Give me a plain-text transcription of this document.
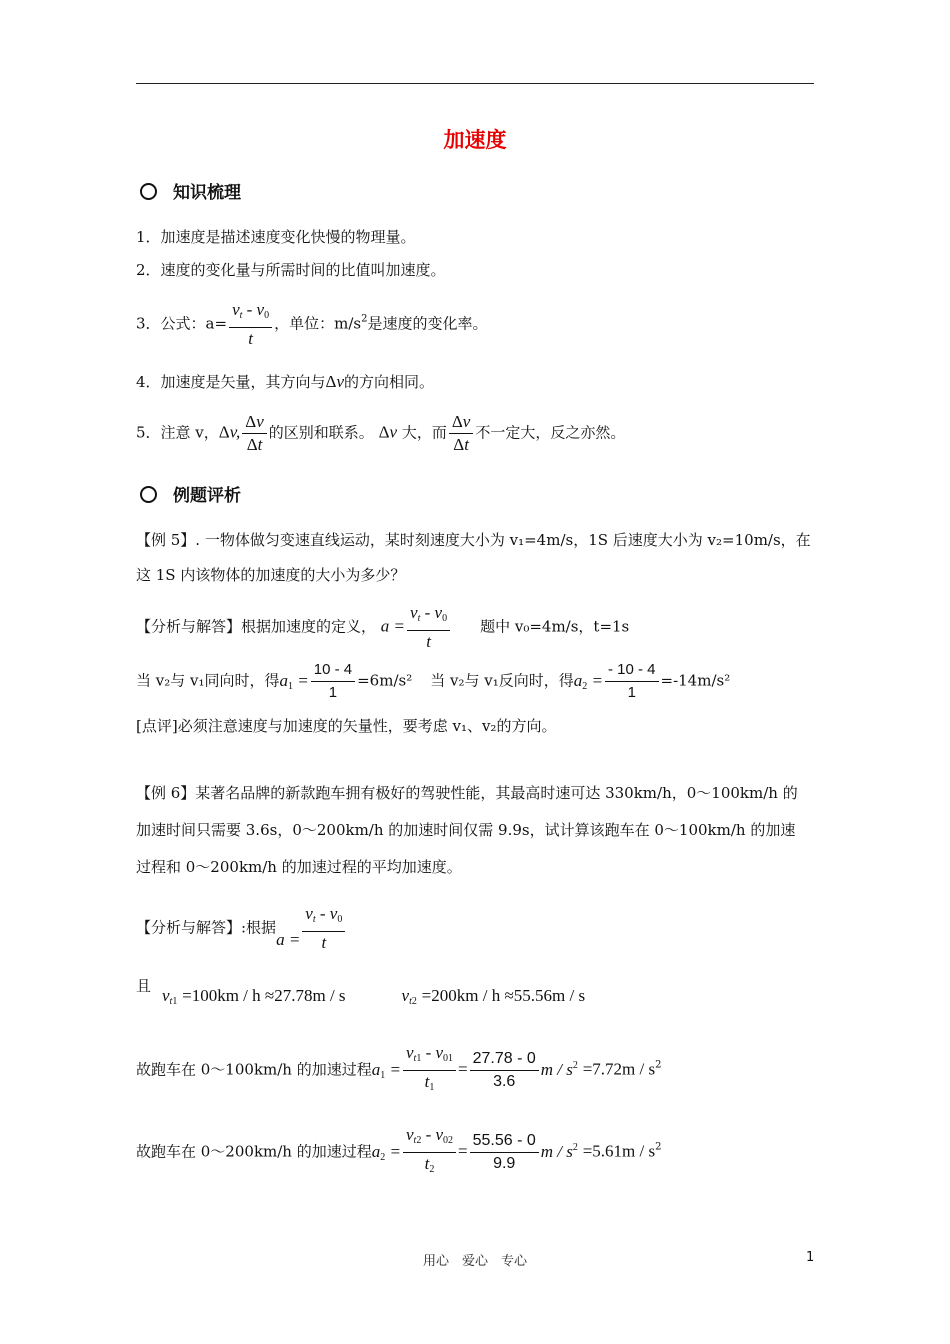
加速度
知识梳理
1．加速度是描述速度变化快慢的物理量。
2．速度的变化量与所需时间的比值叫加速度。
3．公式：$a= \frac{v_t - v_0}{t}$ ，单位：$m/s^2$是速度的变化率。
4．加速度是矢量，其方向与Δv的方向相同。
5．注意 v，Δv, $\frac{\Delta v}{\Delta t}$ 的区别和联系。 Δv 大，而 $\frac{\Delta v}{\Delta t}$ 不一定大，反之亦然。
例题评析
【例 5】. 一物体做匀变速直线运动，某时刻速度大小为 v₁=4m/s，1S 后速度大小为 v₂=10m/s，在
这 1S 内该物体的加速度的大小为多少？
【分析与解答】根据加速度的定义， $a = \frac{v_t - v_0}{t}$ 题中 v₀=4m/s，t=1s
当 v₂与 v₁同向时，得$a_1 = \frac{10 - 4}{1} =6m/s^2$ 当 v₂与 v₁反向时，得$a_2 = \frac{- 10 - 4}{1} =-14m/s^2$
[点评]必须注意速度与加速度的矢量性，要考虑 v₁、v₂的方向。
【例 6】某著名品牌的新款跑车拥有极好的驾驶性能，其最高时速可达 330km/h，0～100km/h 的
加速时间只需要 3.6s，0～200km/h 的加速时间仅需 9.9s，试计算该跑车在 0～100km/h 的加速
过程和 0～200km/h 的加速过程的平均加速度。
【分析与解答】:根据$a = \frac{v_t - v_0}{t}$
且 $v_{t1} =100km / h \approx 27.78m / s$	$v_{t2} =200km / h \approx 55.56m / s$
故跑车在 0～100km/h 的加速过程$a_1 = \frac{v_{t1} - v_{01}}{t_1} = \frac{27.78 - 0}{3.6}$ $m / s^2 =7.72m / s^2$
故跑车在 0～200km/h 的加速过程$a_2 = \frac{v_{t2} - v_{02}}{t_2} = \frac{55.56 - 0}{9.9}$ $m / s^2 =5.61m / s^2$
用心　爱心　专心	1
